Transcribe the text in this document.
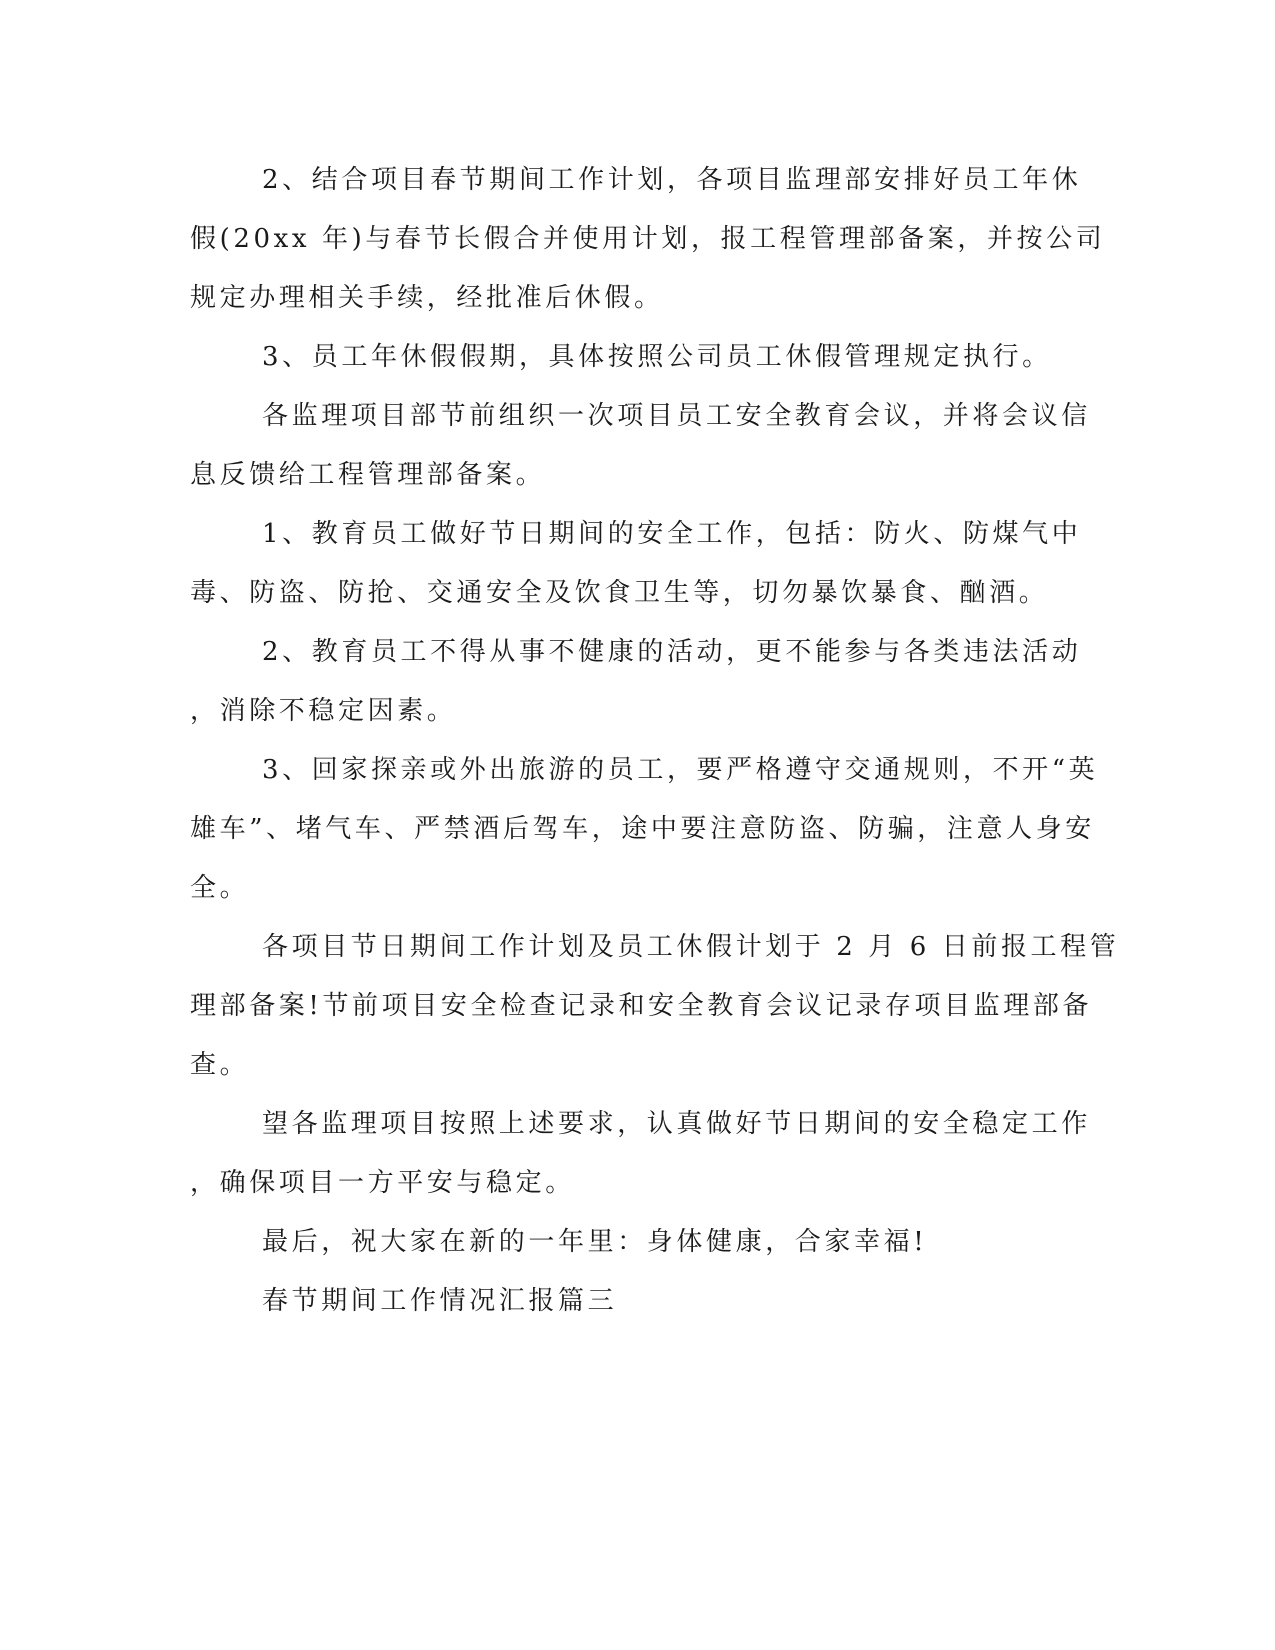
2、结合项目春节期间工作计划，各项目监理部安排好员工年休
假(20xx 年)与春节长假合并使用计划，报工程管理部备案，并按公司
规定办理相关手续，经批准后休假。
3、员工年休假假期，具体按照公司员工休假管理规定执行。
各监理项目部节前组织一次项目员工安全教育会议，并将会议信
息反馈给工程管理部备案。
1、教育员工做好节日期间的安全工作，包括：防火、防煤气中
毒、防盗、防抢、交通安全及饮食卫生等，切勿暴饮暴食、酗酒。
2、教育员工不得从事不健康的活动，更不能参与各类违法活动
，消除不稳定因素。
3、回家探亲或外出旅游的员工，要严格遵守交通规则，不开“英
雄车”、堵气车、严禁酒后驾车，途中要注意防盗、防骗，注意人身安
全。
各项目节日期间工作计划及员工休假计划于 2 月 6 日前报工程管
理部备案!节前项目安全检查记录和安全教育会议记录存项目监理部备
查。
望各监理项目按照上述要求，认真做好节日期间的安全稳定工作
，确保项目一方平安与稳定。
最后，祝大家在新的一年里：身体健康，合家幸福!
春节期间工作情况汇报篇三
